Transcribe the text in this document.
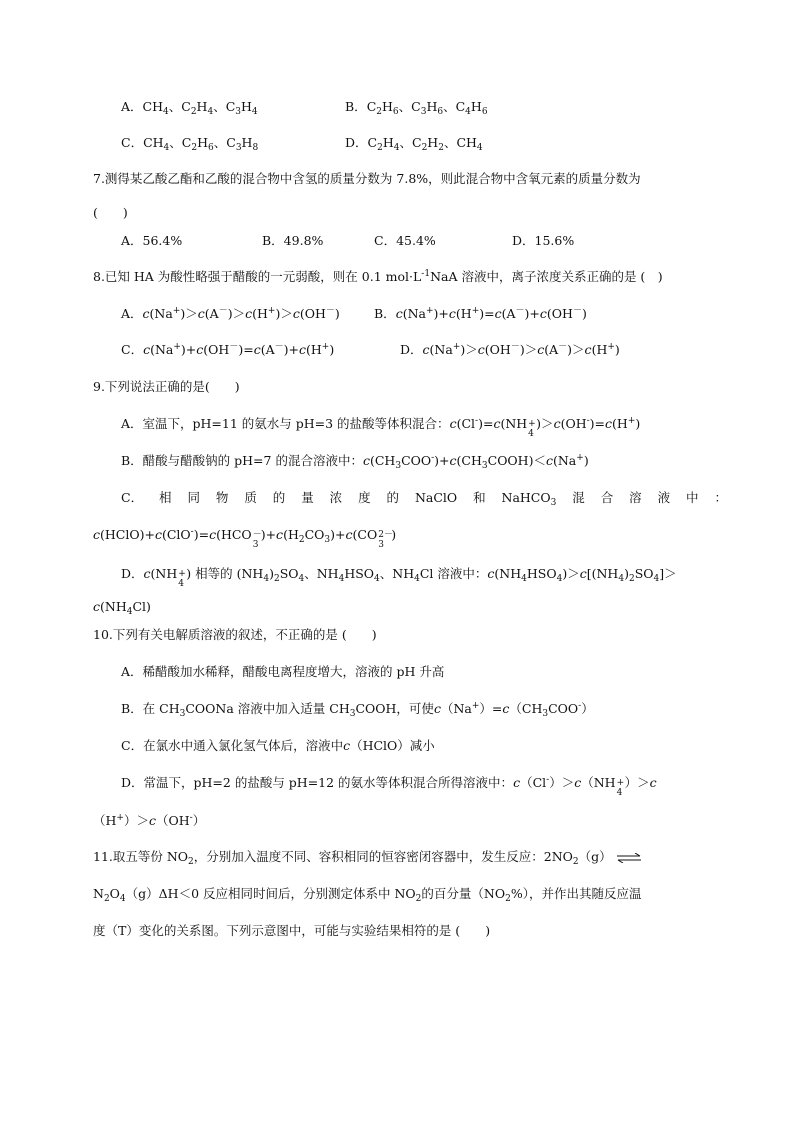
A．$CH_4$、$C_2H_4$、$C_3H_4$	B．$C_2H_6$、$C_3H_6$、$C_4H_6$
C．$CH_4$、$C_2H_6$、$C_3H_8$	D．$C_2H_4$、$C_2H_2$、$CH_4$
7.测得某乙酸乙酯和乙酸的混合物中含氢的质量分数为 7.8%，则此混合物中含氧元素的质量分数为
(　　)
A．56.4%	B．49.8%	C．45.4%	D．15.6%
8.已知 HA 为酸性略强于醋酸的一元弱酸，则在 0.1 $mol\cdot L^{-1}NaA$ 溶液中，离子浓度关系正确的是 (　)
A．c(Na+)＞c(A－)＞c(H+)＞c(OH－)	B．c(Na+)+c(H+)=c(A－)+c(OH－)
C．c(Na+)+c(OH－)=c(A－)+c(H+)	D．c(Na+)＞c(OH－)＞c(A－)＞c(H+)
9.下列说法正确的是(　　)
A．室温下，pH=11 的氨水与 pH=3 的盐酸等体积混合：c(Cl-)=c(NH +
4
)＞c(OH-)=c(H+)
B．醋酸与醋酸钠的 pH=7 的混合溶液中：$c(CH_3COO^-)+c(CH_3COOH)<c(Na^+)$
C． 相 同 物 质 的 量 浓 度 的 NaClO 和 NaHCO$_3$ 混 合 溶 液 中 ：
c(HClO)+c(ClO-)=c(HCO －
3
)$+c(H_2CO_3)+c(CO$ 2－
3
)
D．c(NH +
4
) 相等的 $(NH_4)_2SO_4$、$NH_4HSO_4$、$NH_4Cl$ 溶液中：$c(NH_4HSO_4)>c[(NH_4)_2SO_4]>$
$c(NH_4Cl)$
10.下列有关电解质溶液的叙述，不正确的是 (　　)
A．稀醋酸加水稀释，醋酸电离程度增大，溶液的 pH 升高
B．在 $CH_3COONa$ 溶液中加入适量 $CH_3COOH$，可使$c(Na^+)=c(CH_3COO^-)$
C．在氯水中通入氯化氢气体后，溶液中c（HClO）减小
D．常温下，pH=2 的盐酸与 pH=12 的氨水等体积混合所得溶液中：c（Cl-）＞c（NH +
4
）＞c
（H+）＞c（OH-）
11.取五等份 $NO_2$，分别加入温度不同、容积相同的恒容密闭容器中，发生反应：$2NO_2(g)$ ⇌
$N_2O_4(g)\Delta H<0$ 反应相同时间后，分别测定体系中 $NO_2$的百分量$(NO_2\%)$，并作出其随反应温
度（T）变化的关系图。下列示意图中，可能与实验结果相符的是 (　　)
